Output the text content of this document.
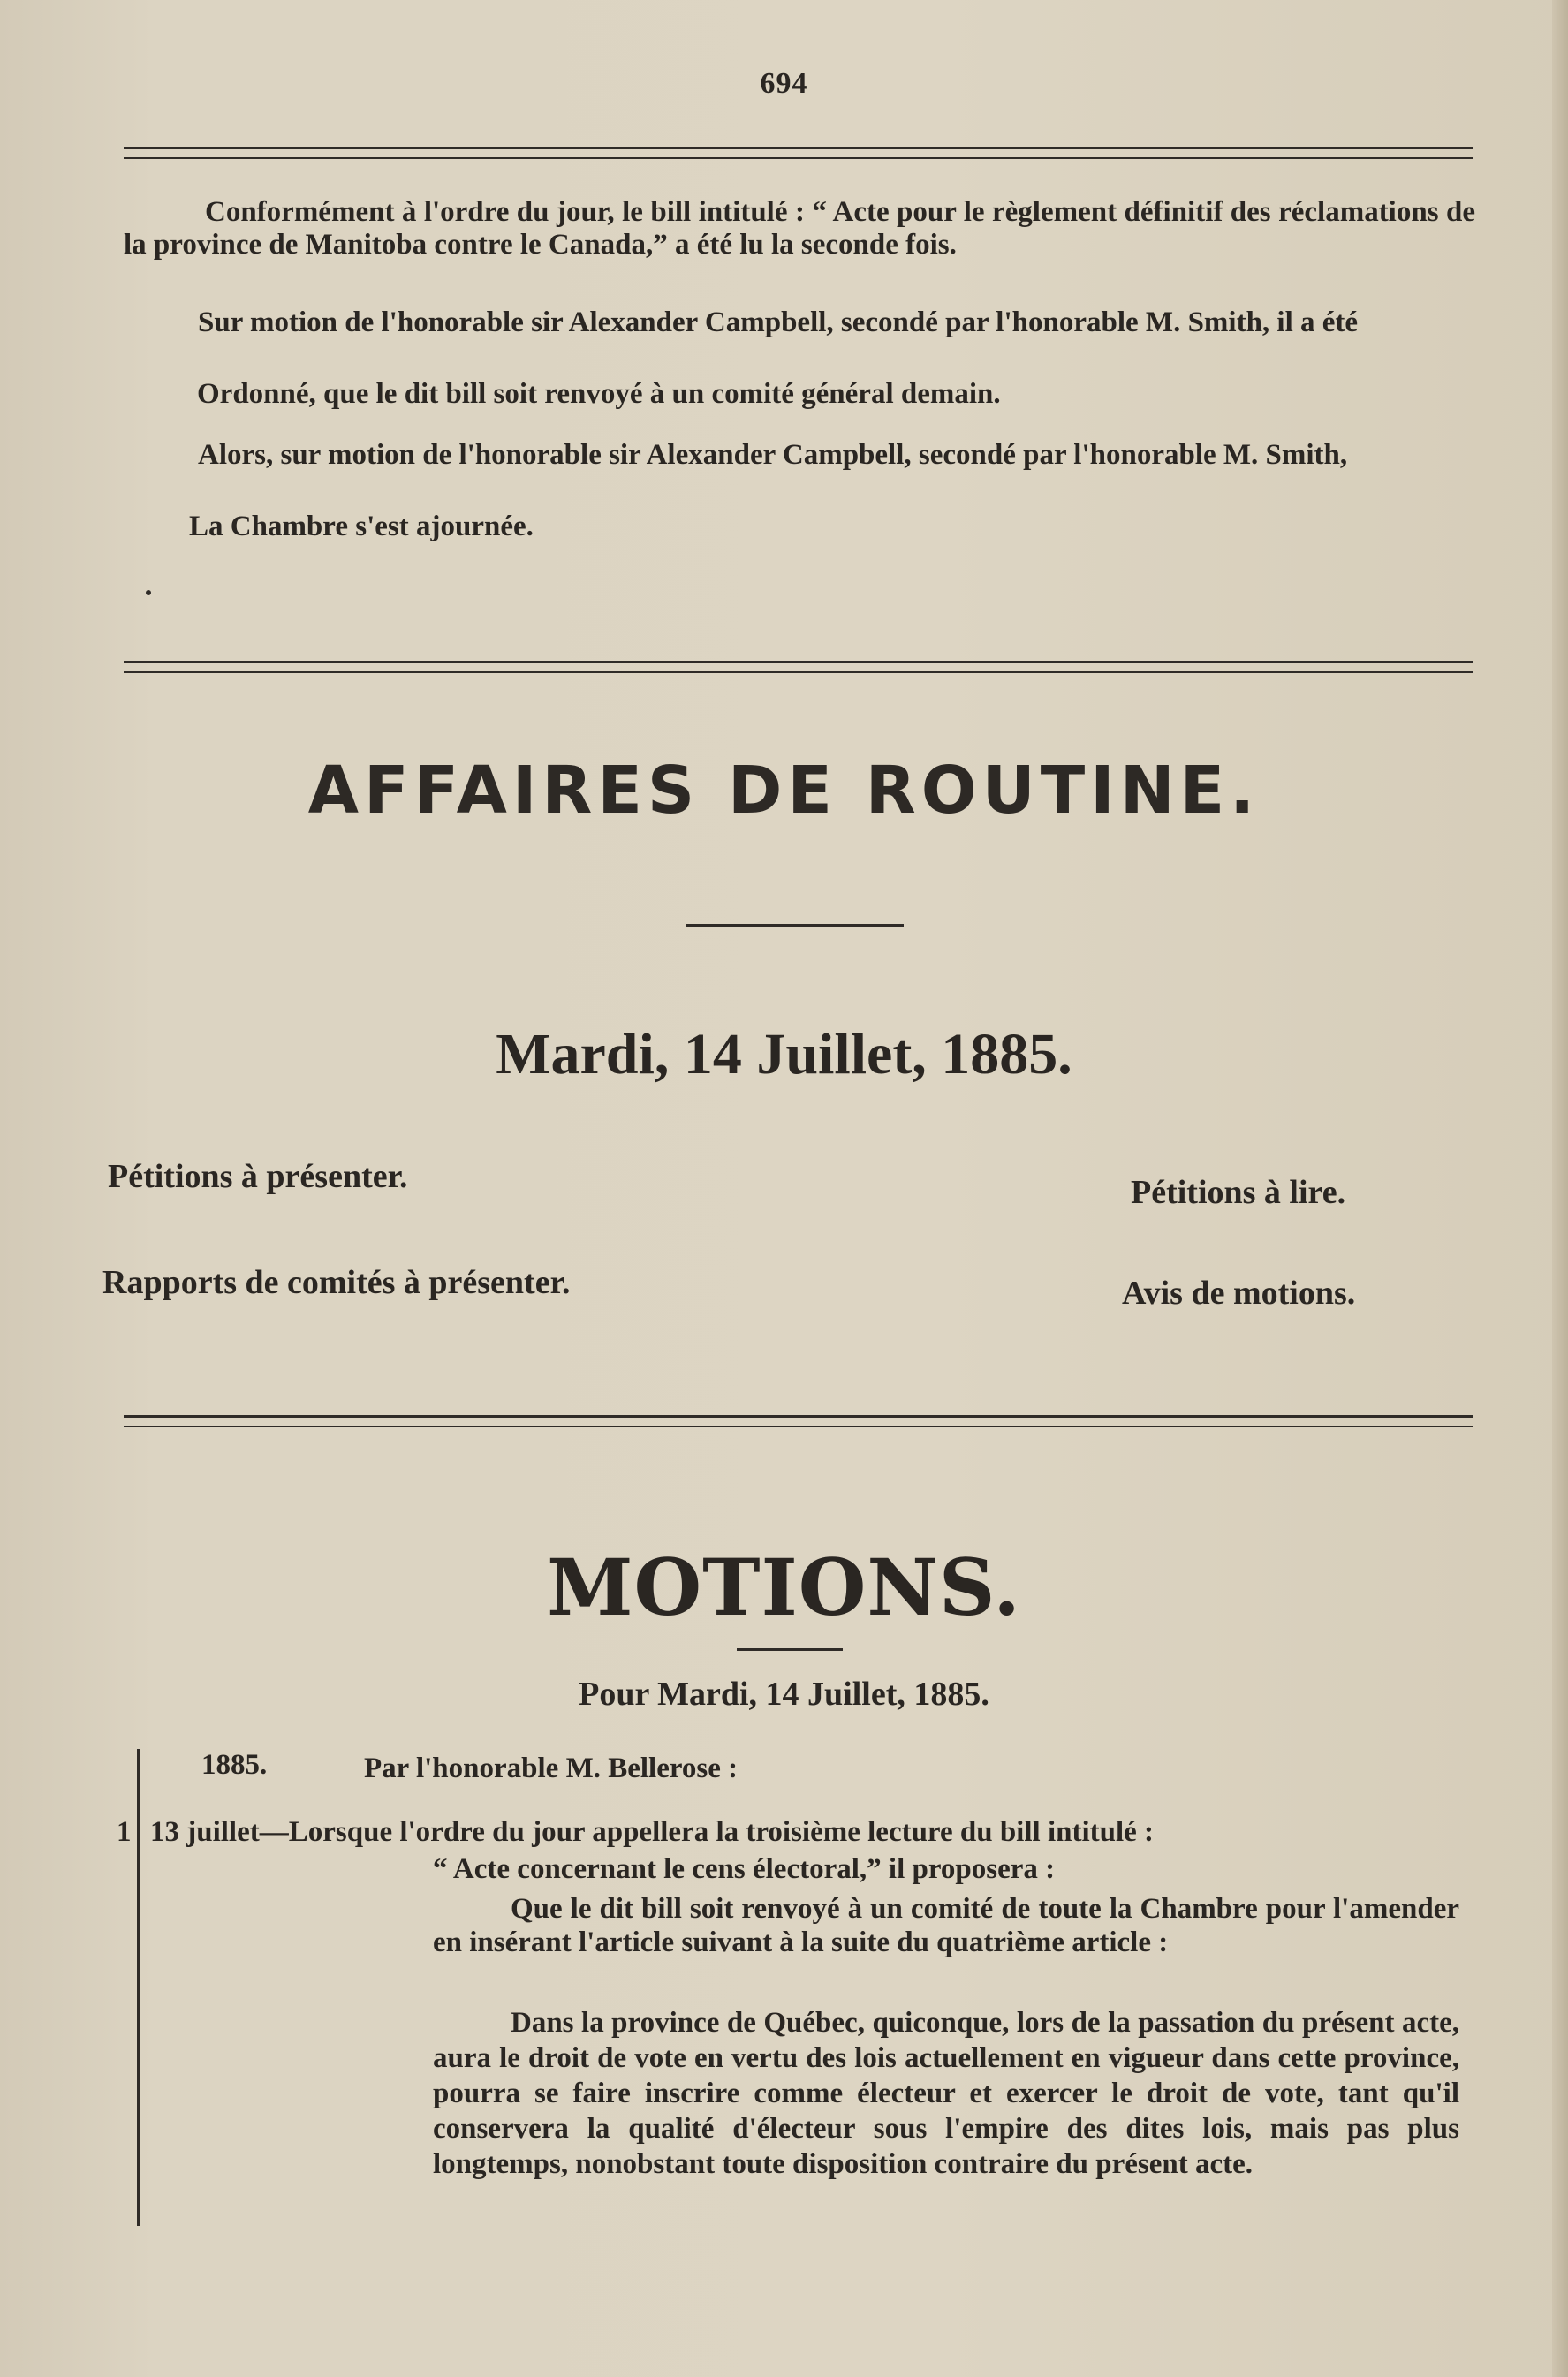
694
Conformément à l'ordre du jour, le bill intitulé : “ Acte pour le règlement définitif des réclamations de la province de Manitoba contre le Canada,” a été lu la seconde fois.
Sur motion de l'honorable sir Alexander Campbell, secondé par l'honorable M. Smith, il a été
Ordonné, que le dit bill soit renvoyé à un comité général demain.
Alors, sur motion de l'honorable sir Alexander Campbell, secondé par l'honorable M. Smith,
La Chambre s'est ajournée.
AFFAIRES DE ROUTINE.
Mardi, 14 Juillet, 1885.
Pétitions à présenter.	Pétitions à lire.
Rapports de comités à présenter.	Avis de motions.
MOTIONS.
Pour Mardi, 14 Juillet, 1885.
1885.	Par l'honorable M. Bellerose :
1 13 juillet—Lorsque l'ordre du jour appellera la troisième lecture du bill intitulé :
“ Acte concernant le cens électoral,” il proposera :
Que le dit bill soit renvoyé à un comité de toute la Chambre pour l'amender en insérant l'article suivant à la suite du quatrième article :
Dans la province de Québec, quiconque, lors de la passation du présent acte, aura le droit de vote en vertu des lois actuellement en vigueur dans cette province, pourra se faire inscrire comme électeur et exercer le droit de vote, tant qu'il conservera la qualité d'électeur sous l'empire des dites lois, mais pas plus longtemps, nonobstant toute disposition contraire du présent acte.
